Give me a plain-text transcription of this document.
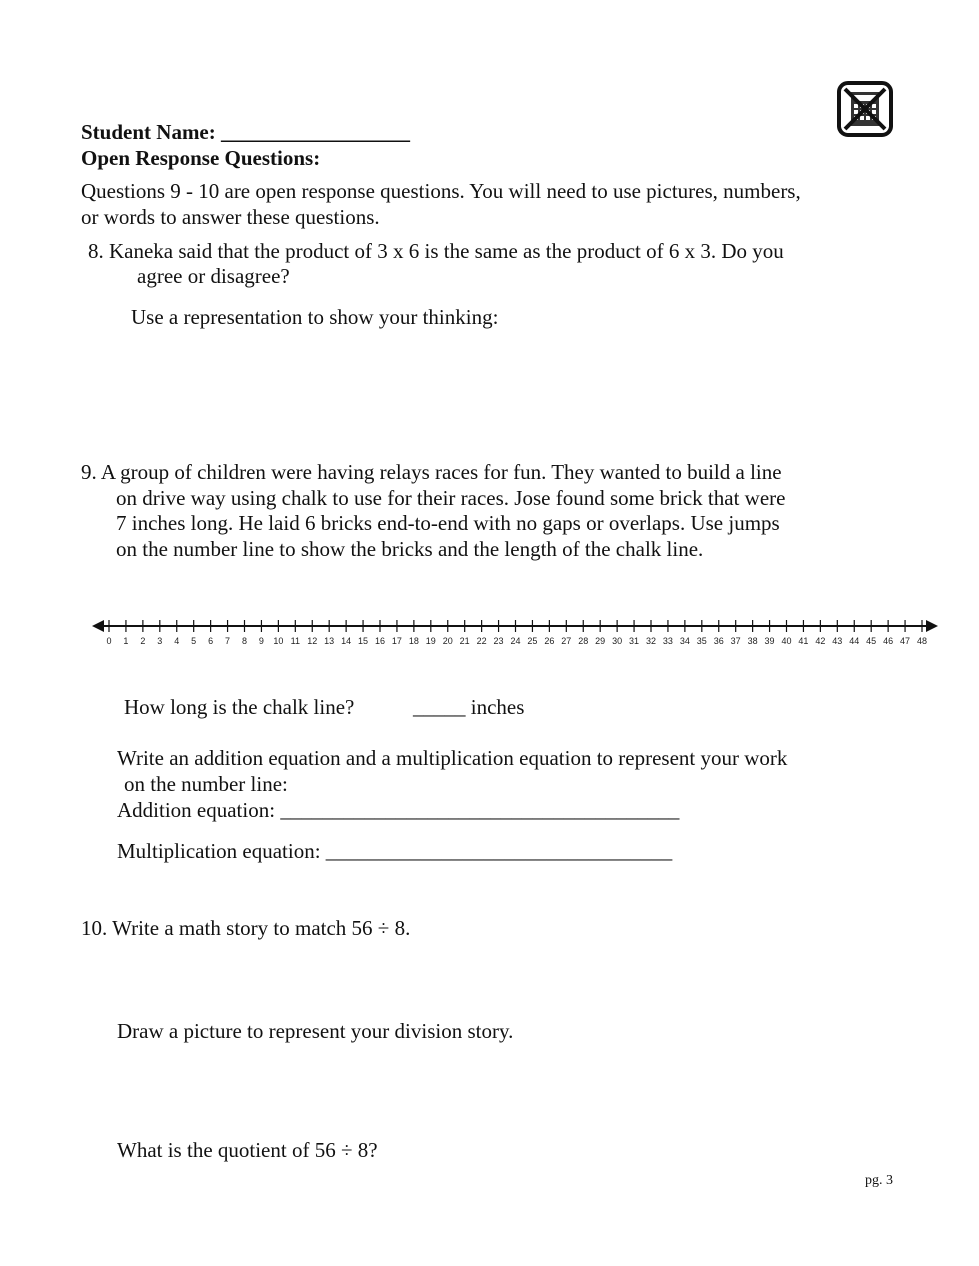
Student Name: __________________
Open Response Questions:
Questions 9 - 10 are open response questions. You will need to use pictures, numbers,
or words to answer these questions.
8. Kaneka said that the product of 3 x 6 is the same as the product of 6 x 3. Do you
agree or disagree?
Use a representation to show your thinking:
9. A group of children were having relays races for fun. They wanted to build a line
on drive way using chalk to use for their races. Jose found some brick that were
7 inches long. He laid 6 bricks end-to-end with no gaps or overlaps. Use jumps
on the number line to show the bricks and the length of the chalk line.
0 1 2 3 4 5 6 7 8 9 10 11 12 13 14 15 16 17 18 19 20 21 22 23 24 25 26 27 28 29 30 31 32 33 34 35 36 37 38 39 40 41 42 43 44 45 46 47 48
How long is the chalk line?	_____ inches
Write an addition equation and a multiplication equation to represent your work
on the number line:
Addition equation: ______________________________________
Multiplication equation: _________________________________
10. Write a math story to match 56 ÷ 8.
Draw a picture to represent your division story.
What is the quotient of 56 ÷ 8?
pg. 3
